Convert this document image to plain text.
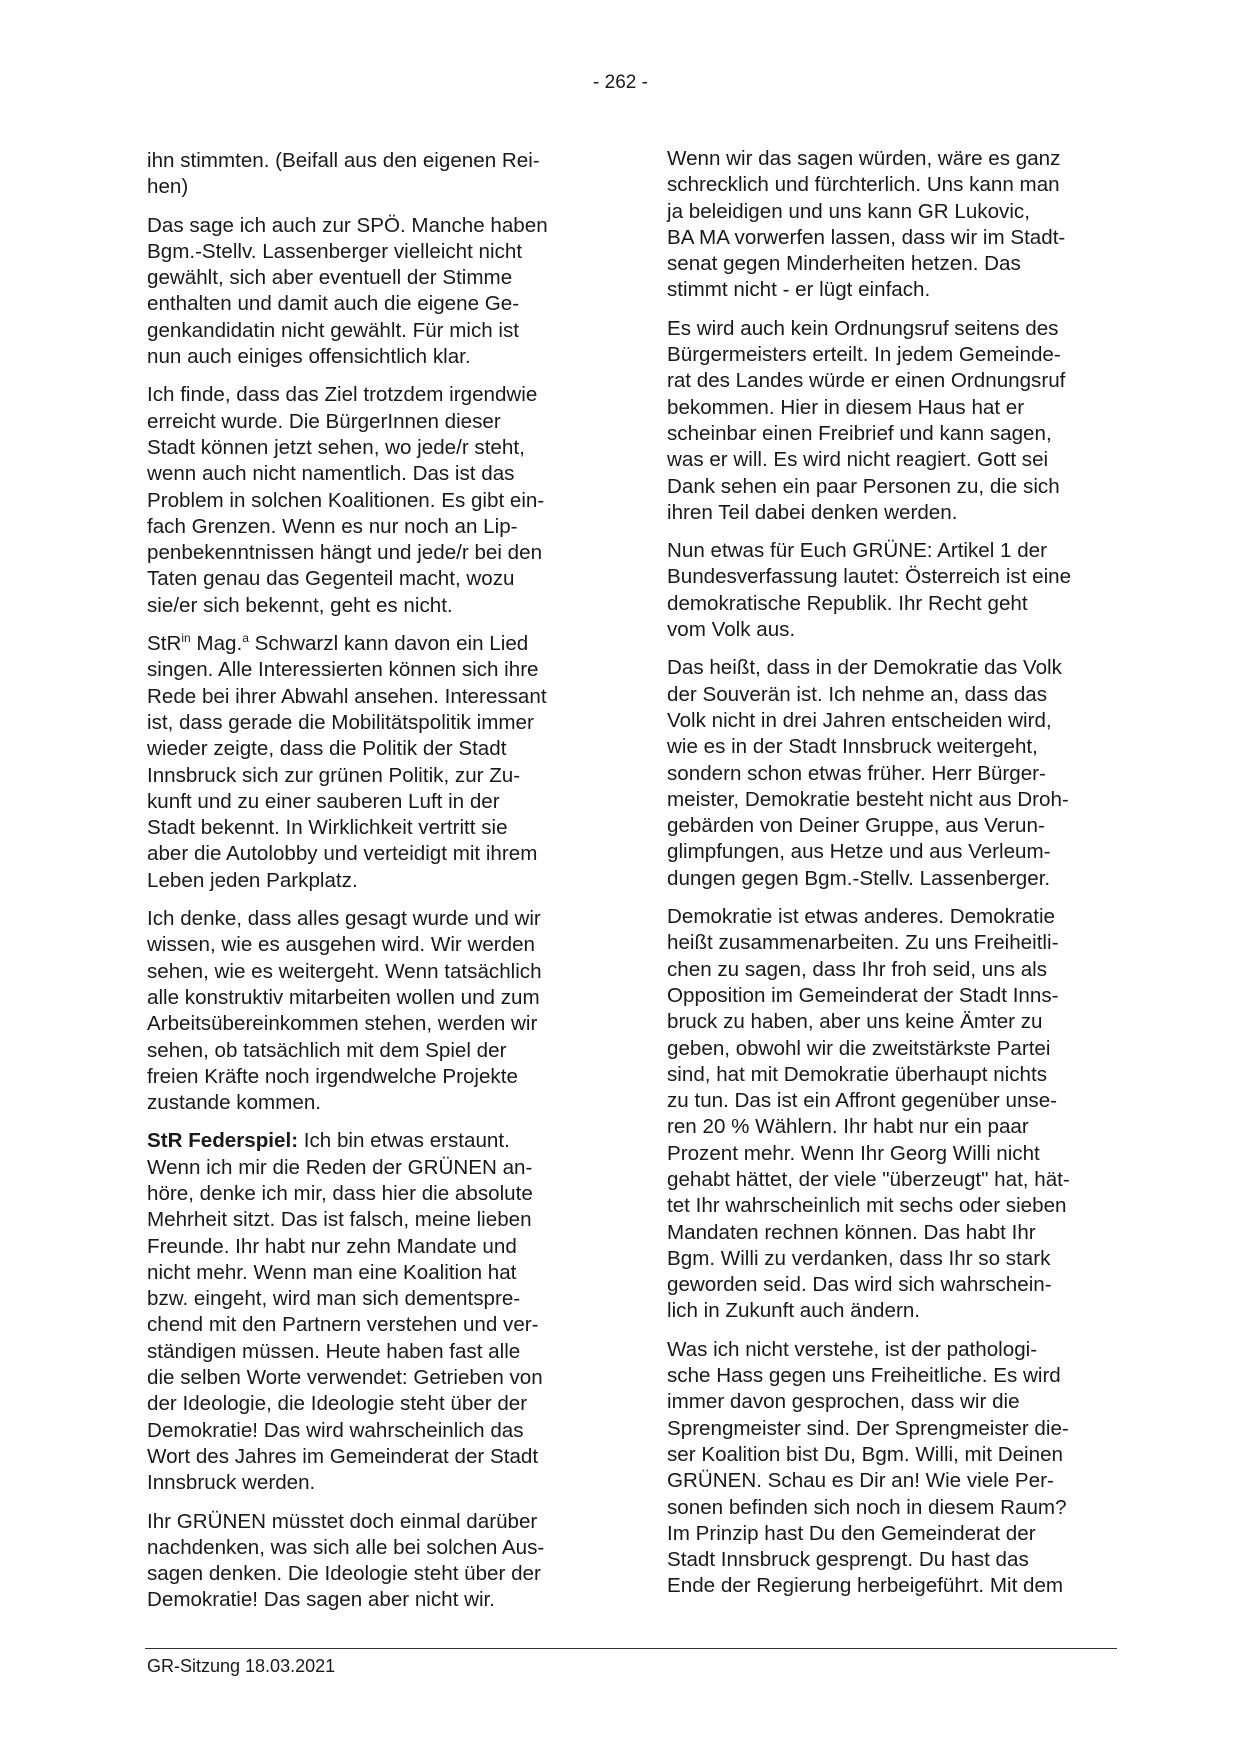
- 262 -

ihn stimmten. (Beifall aus den eigenen Rei-
hen)

Das sage ich auch zur SPÖ. Manche haben
Bgm.-Stellv. Lassenberger vielleicht nicht
gewählt, sich aber eventuell der Stimme
enthalten und damit auch die eigene Ge-
genkandidatin nicht gewählt. Für mich ist
nun auch einiges offensichtlich klar.

Ich finde, dass das Ziel trotzdem irgendwie
erreicht wurde. Die BürgerInnen dieser
Stadt können jetzt sehen, wo jede/r steht,
wenn auch nicht namentlich. Das ist das
Problem in solchen Koalitionen. Es gibt ein-
fach Grenzen. Wenn es nur noch an Lip-
penbekenntnissen hängt und jede/r bei den
Taten genau das Gegenteil macht, wozu
sie/er sich bekennt, geht es nicht.

StR$^{in}$ Mag.$^a$ Schwarzl kann davon ein Lied
singen. Alle Interessierten können sich ihre
Rede bei ihrer Abwahl ansehen. Interessant
ist, dass gerade die Mobilitätspolitik immer
wieder zeigte, dass die Politik der Stadt
Innsbruck sich zur grünen Politik, zur Zu-
kunft und zu einer sauberen Luft in der
Stadt bekennt. In Wirklichkeit vertritt sie
aber die Autolobby und verteidigt mit ihrem
Leben jeden Parkplatz.

Ich denke, dass alles gesagt wurde und wir
wissen, wie es ausgehen wird. Wir werden
sehen, wie es weitergeht. Wenn tatsächlich
alle konstruktiv mitarbeiten wollen und zum
Arbeitsübereinkommen stehen, werden wir
sehen, ob tatsächlich mit dem Spiel der
freien Kräfte noch irgendwelche Projekte
zustande kommen.

StR Federspiel: Ich bin etwas erstaunt.
Wenn ich mir die Reden der GRÜNEN an-
höre, denke ich mir, dass hier die absolute
Mehrheit sitzt. Das ist falsch, meine lieben
Freunde. Ihr habt nur zehn Mandate und
nicht mehr. Wenn man eine Koalition hat
bzw. eingeht, wird man sich dementspre-
chend mit den Partnern verstehen und ver-
ständigen müssen. Heute haben fast alle
die selben Worte verwendet: Getrieben von
der Ideologie, die Ideologie steht über der
Demokratie! Das wird wahrscheinlich das
Wort des Jahres im Gemeinderat der Stadt
Innsbruck werden.

Ihr GRÜNEN müsstet doch einmal darüber
nachdenken, was sich alle bei solchen Aus-
sagen denken. Die Ideologie steht über der
Demokratie! Das sagen aber nicht wir.

Wenn wir das sagen würden, wäre es ganz
schrecklich und fürchterlich. Uns kann man
ja beleidigen und uns kann GR Lukovic,
BA MA vorwerfen lassen, dass wir im Stadt-
senat gegen Minderheiten hetzen. Das
stimmt nicht - er lügt einfach.

Es wird auch kein Ordnungsruf seitens des
Bürgermeisters erteilt. In jedem Gemeinde-
rat des Landes würde er einen Ordnungsruf
bekommen. Hier in diesem Haus hat er
scheinbar einen Freibrief und kann sagen,
was er will. Es wird nicht reagiert. Gott sei
Dank sehen ein paar Personen zu, die sich
ihren Teil dabei denken werden.

Nun etwas für Euch GRÜNE: Artikel 1 der
Bundesverfassung lautet: Österreich ist eine
demokratische Republik. Ihr Recht geht
vom Volk aus.

Das heißt, dass in der Demokratie das Volk
der Souverän ist. Ich nehme an, dass das
Volk nicht in drei Jahren entscheiden wird,
wie es in der Stadt Innsbruck weitergeht,
sondern schon etwas früher. Herr Bürger-
meister, Demokratie besteht nicht aus Droh-
gebärden von Deiner Gruppe, aus Verun-
glimpfungen, aus Hetze und aus Verleum-
dungen gegen Bgm.-Stellv. Lassenberger.

Demokratie ist etwas anderes. Demokratie
heißt zusammenarbeiten. Zu uns Freiheitli-
chen zu sagen, dass Ihr froh seid, uns als
Opposition im Gemeinderat der Stadt Inns-
bruck zu haben, aber uns keine Ämter zu
geben, obwohl wir die zweitstärkste Partei
sind, hat mit Demokratie überhaupt nichts
zu tun. Das ist ein Affront gegenüber unse-
ren 20 % Wählern. Ihr habt nur ein paar
Prozent mehr. Wenn Ihr Georg Willi nicht
gehabt hättet, der viele "überzeugt" hat, hät-
tet Ihr wahrscheinlich mit sechs oder sieben
Mandaten rechnen können. Das habt Ihr
Bgm. Willi zu verdanken, dass Ihr so stark
geworden seid. Das wird sich wahrschein-
lich in Zukunft auch ändern.

Was ich nicht verstehe, ist der pathologi-
sche Hass gegen uns Freiheitliche. Es wird
immer davon gesprochen, dass wir die
Sprengmeister sind. Der Sprengmeister die-
ser Koalition bist Du, Bgm. Willi, mit Deinen
GRÜNEN. Schau es Dir an! Wie viele Per-
sonen befinden sich noch in diesem Raum?
Im Prinzip hast Du den Gemeinderat der
Stadt Innsbruck gesprengt. Du hast das
Ende der Regierung herbeigeführt. Mit dem

GR-Sitzung 18.03.2021
